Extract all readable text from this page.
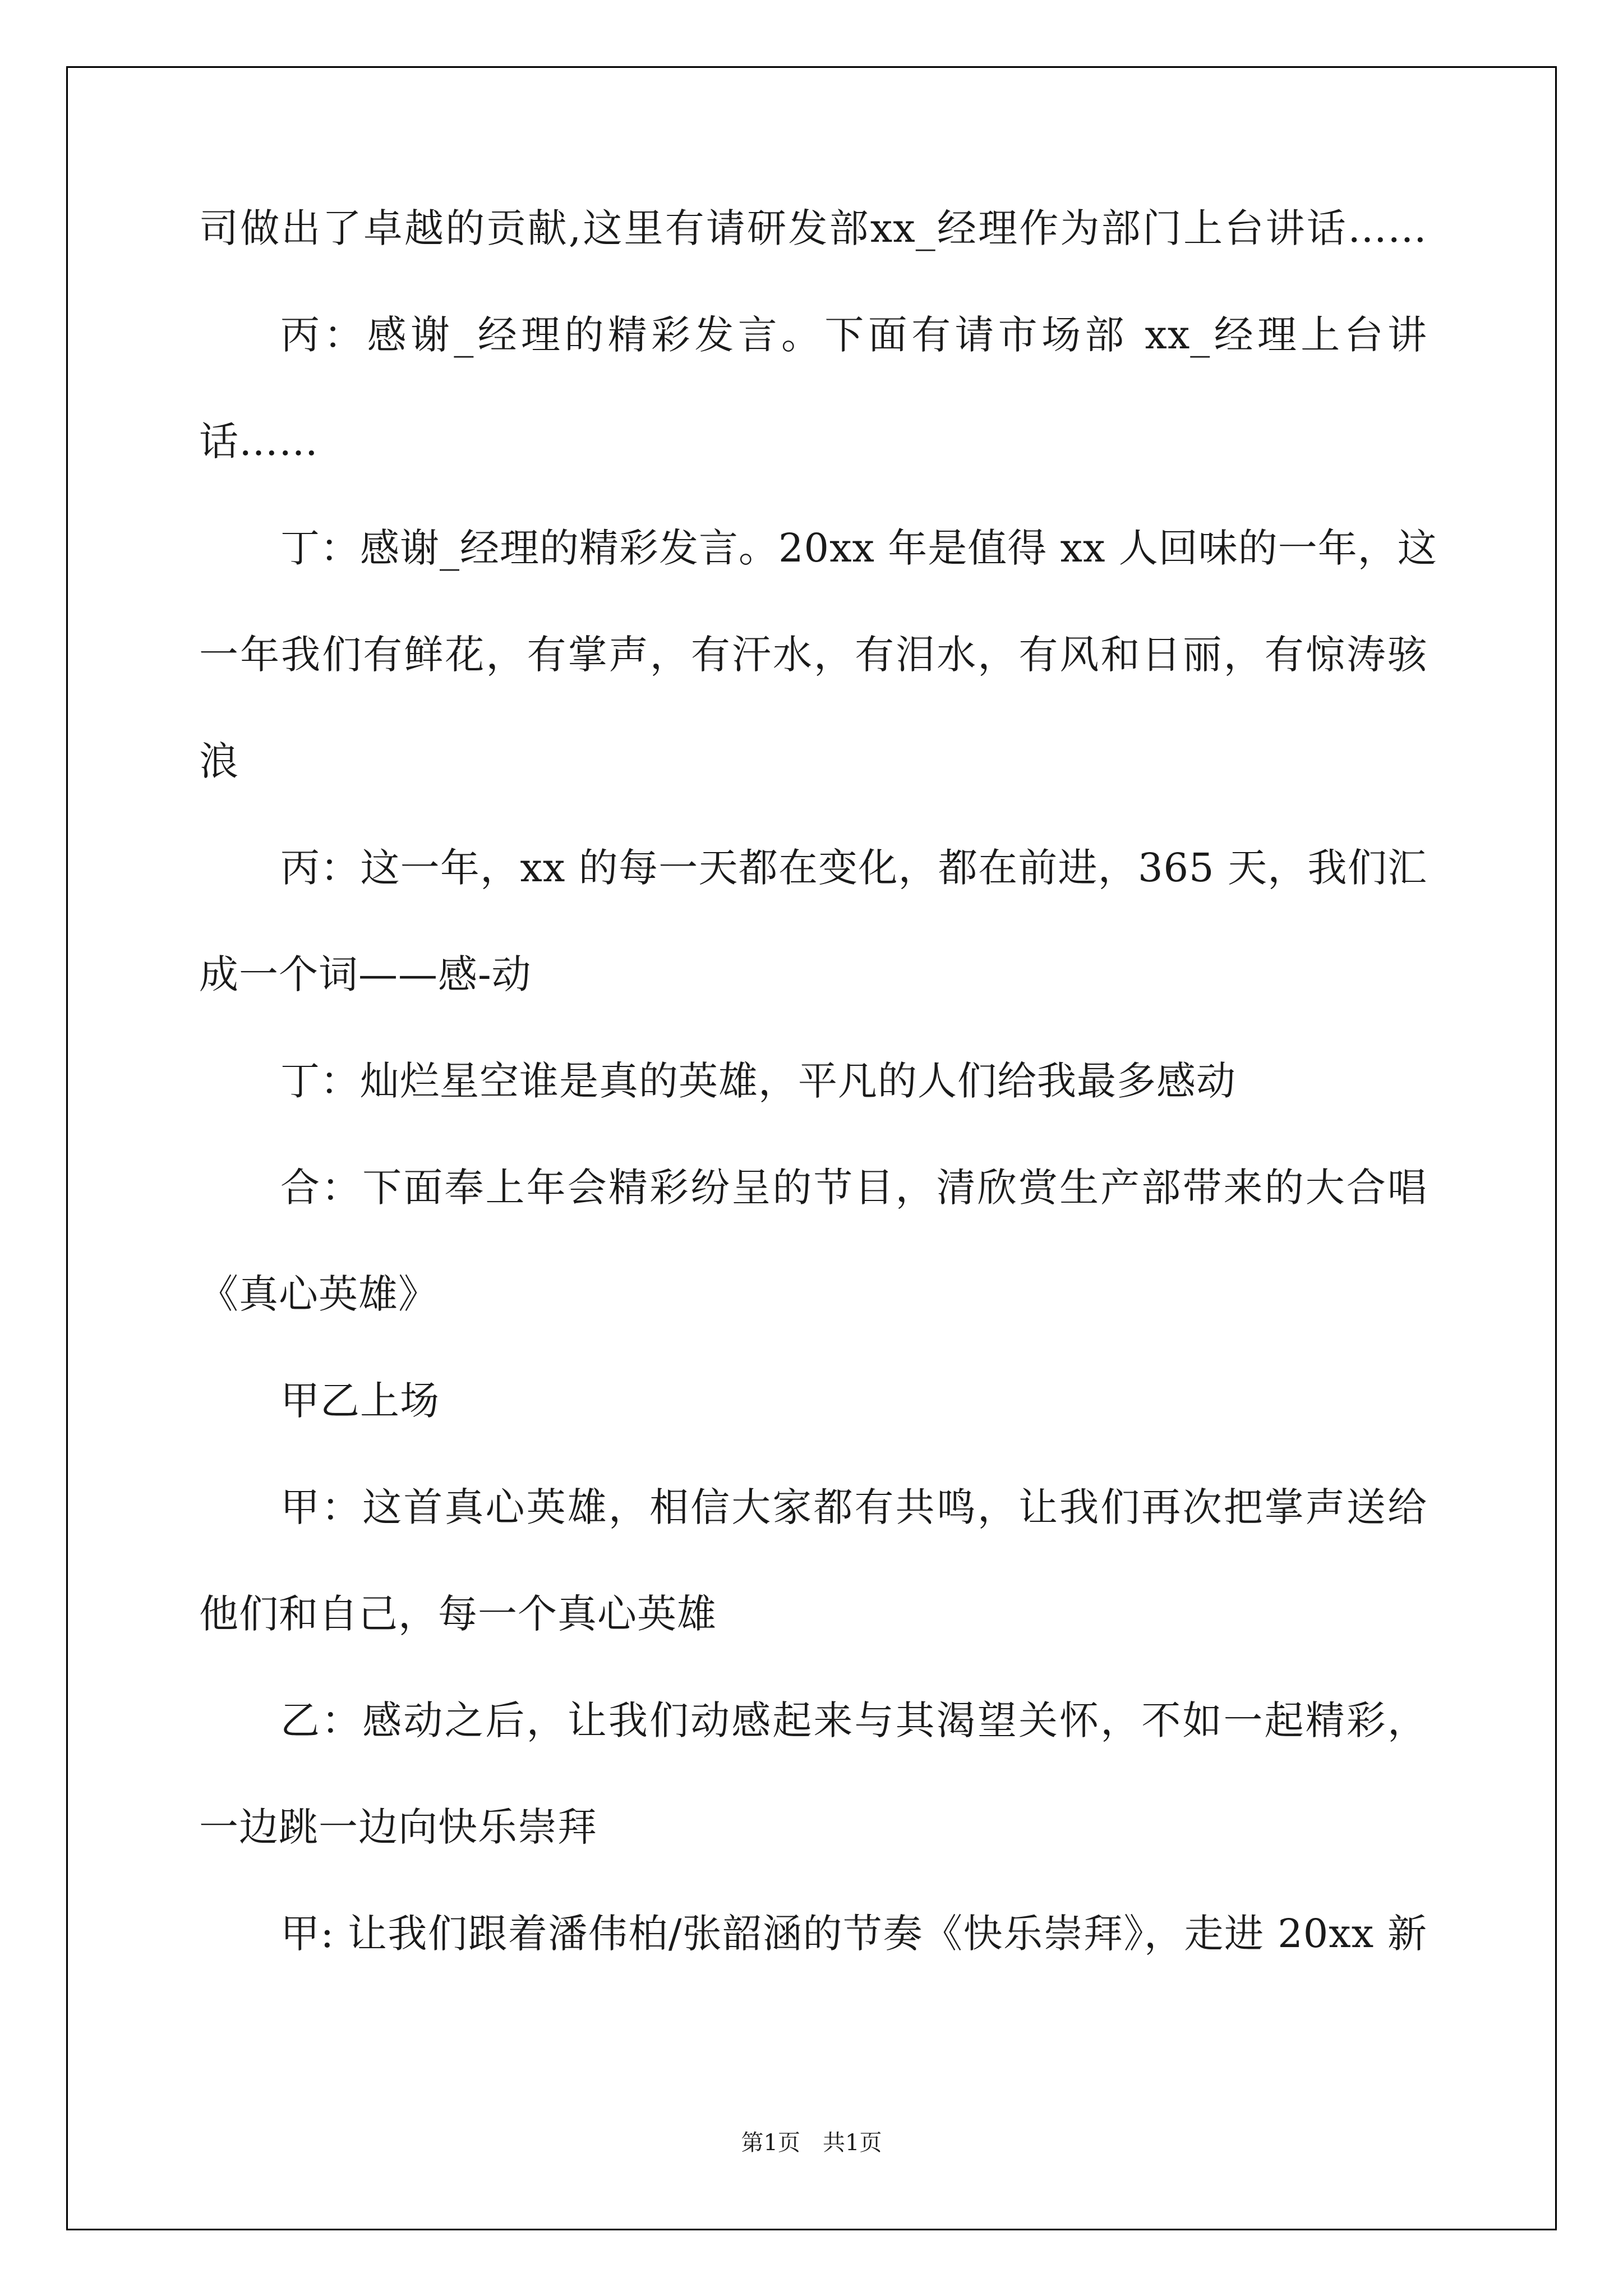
司做出了卓越的贡献,这里有请研发部xx_经理作为部门上台讲话……
丙：感谢_经理的精彩发言。下面有请市场部 xx_经理上台讲
话……
丁：感谢_经理的精彩发言。20xx 年是值得 xx 人回味的一年，这
一年我们有鲜花，有掌声，有汗水，有泪水，有风和日丽，有惊涛骇
浪
丙：这一年，xx 的每一天都在变化，都在前进，365 天，我们汇
成一个词——感-动
丁：灿烂星空谁是真的英雄，平凡的人们给我最多感动
合：下面奉上年会精彩纷呈的节目，清欣赏生产部带来的大合唱
《真心英雄》
甲乙上场
甲：这首真心英雄，相信大家都有共鸣，让我们再次把掌声送给
他们和自己，每一个真心英雄
乙：感动之后，让我们动感起来与其渴望关怀，不如一起精彩，
一边跳一边向快乐崇拜
甲: 让我们跟着潘伟柏/张韶涵的节奏《快乐崇拜》，走进 20xx 新
第1页　共1页
